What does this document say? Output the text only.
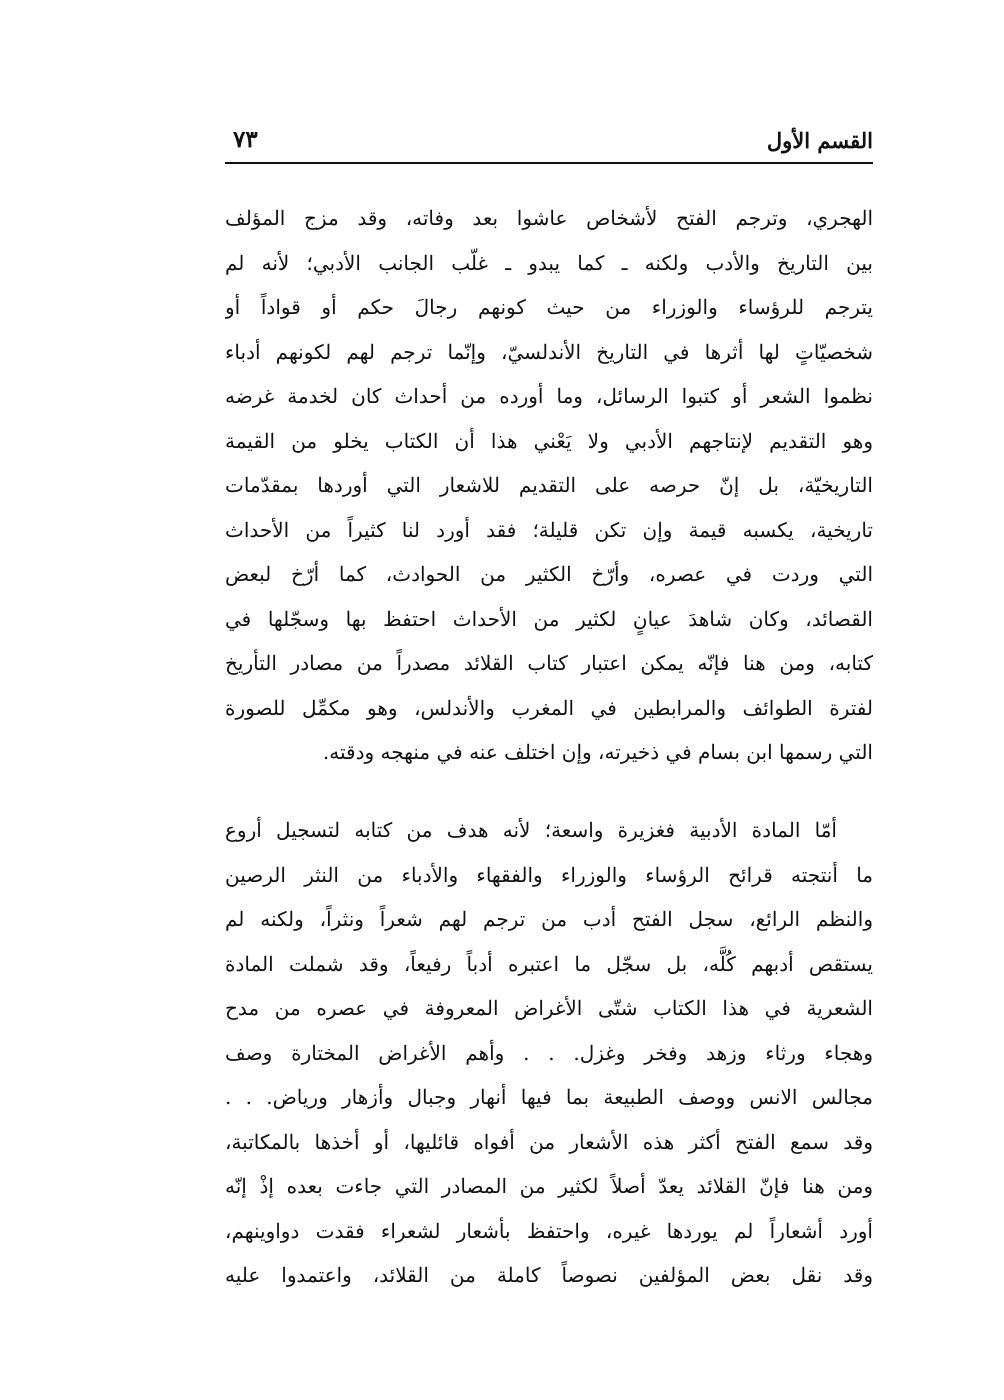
القسم الأول
٧٣
الهجري، وترجم الفتح لأشخاص عاشوا بعد وفاته، وقد مزج المؤلف
بين التاريخ والأدب ولكنه ـ كما يبدو ـ غلّب الجانب الأدبي؛ لأنه لم
يترجم للرؤساء والوزراء من حيث كونهم رجالَ حكم أو قواداً أو
شخصيّاتٍ لها أثرها في التاريخ الأندلسيّ، وإنّما ترجم لهم لكونهم أدباء
نظموا الشعر أو كتبوا الرسائل، وما أورده من أحداث كان لخدمة غرضه
وهو التقديم لإنتاجهم الأدبي ولا يَعْني هذا أن الكتاب يخلو من القيمة
التاريخيّة، بل إنّ حرصه على التقديم للاشعار التي أوردها بمقدّمات
تاريخية، يكسبه قيمة وإن تكن قليلة؛ فقد أورد لنا كثيراً من الأحداث
التي وردت في عصره، وأرّخ الكثير من الحوادث، كما أرّخ لبعض
القصائد، وكان شاهدَ عيانٍ لكثير من الأحداث احتفظ بها وسجّلها في
كتابه، ومن هنا فإنّه يمكن اعتبار كتاب القلائد مصدراً من مصادر التأريخ
لفترة الطوائف والمرابطين في المغرب والأندلس، وهو مكمِّل للصورة
التي رسمها ابن بسام في ذخيرته، وإن اختلف عنه في منهجه ودقته.
أمّا المادة الأدبية فغزيرة واسعة؛ لأنه هدف من كتابه لتسجيل أروع
ما أنتجته قرائح الرؤساء والوزراء والفقهاء والأدباء من النثر الرصين
والنظم الرائع، سجل الفتح أدب من ترجم لهم شعراً ونثراً، ولكنه لم
يستقص أدبهم كُلَّه، بل سجّل ما اعتبره أدباً رفيعاً، وقد شملت المادة
الشعرية في هذا الكتاب شتّى الأغراض المعروفة في عصره من مدح
وهجاء ورثاء وزهد وفخر وغزل. . . وأهم الأغراض المختارة وصف
مجالس الانس ووصف الطبيعة بما فيها أنهار وجبال وأزهار ورياض. . .
وقد سمع الفتح أكثر هذه الأشعار من أفواه قائليها، أو أخذها بالمكاتبة،
ومن هنا فإنّ القلائد يعدّ أصلاً لكثير من المصادر التي جاءت بعده إذْ إنّه
أورد أشعاراً لم يوردها غيره، واحتفظ بأشعار لشعراء فقدت دواوينهم،
وقد نقل بعض المؤلفين نصوصاً كاملة من القلائد، واعتمدوا عليه
